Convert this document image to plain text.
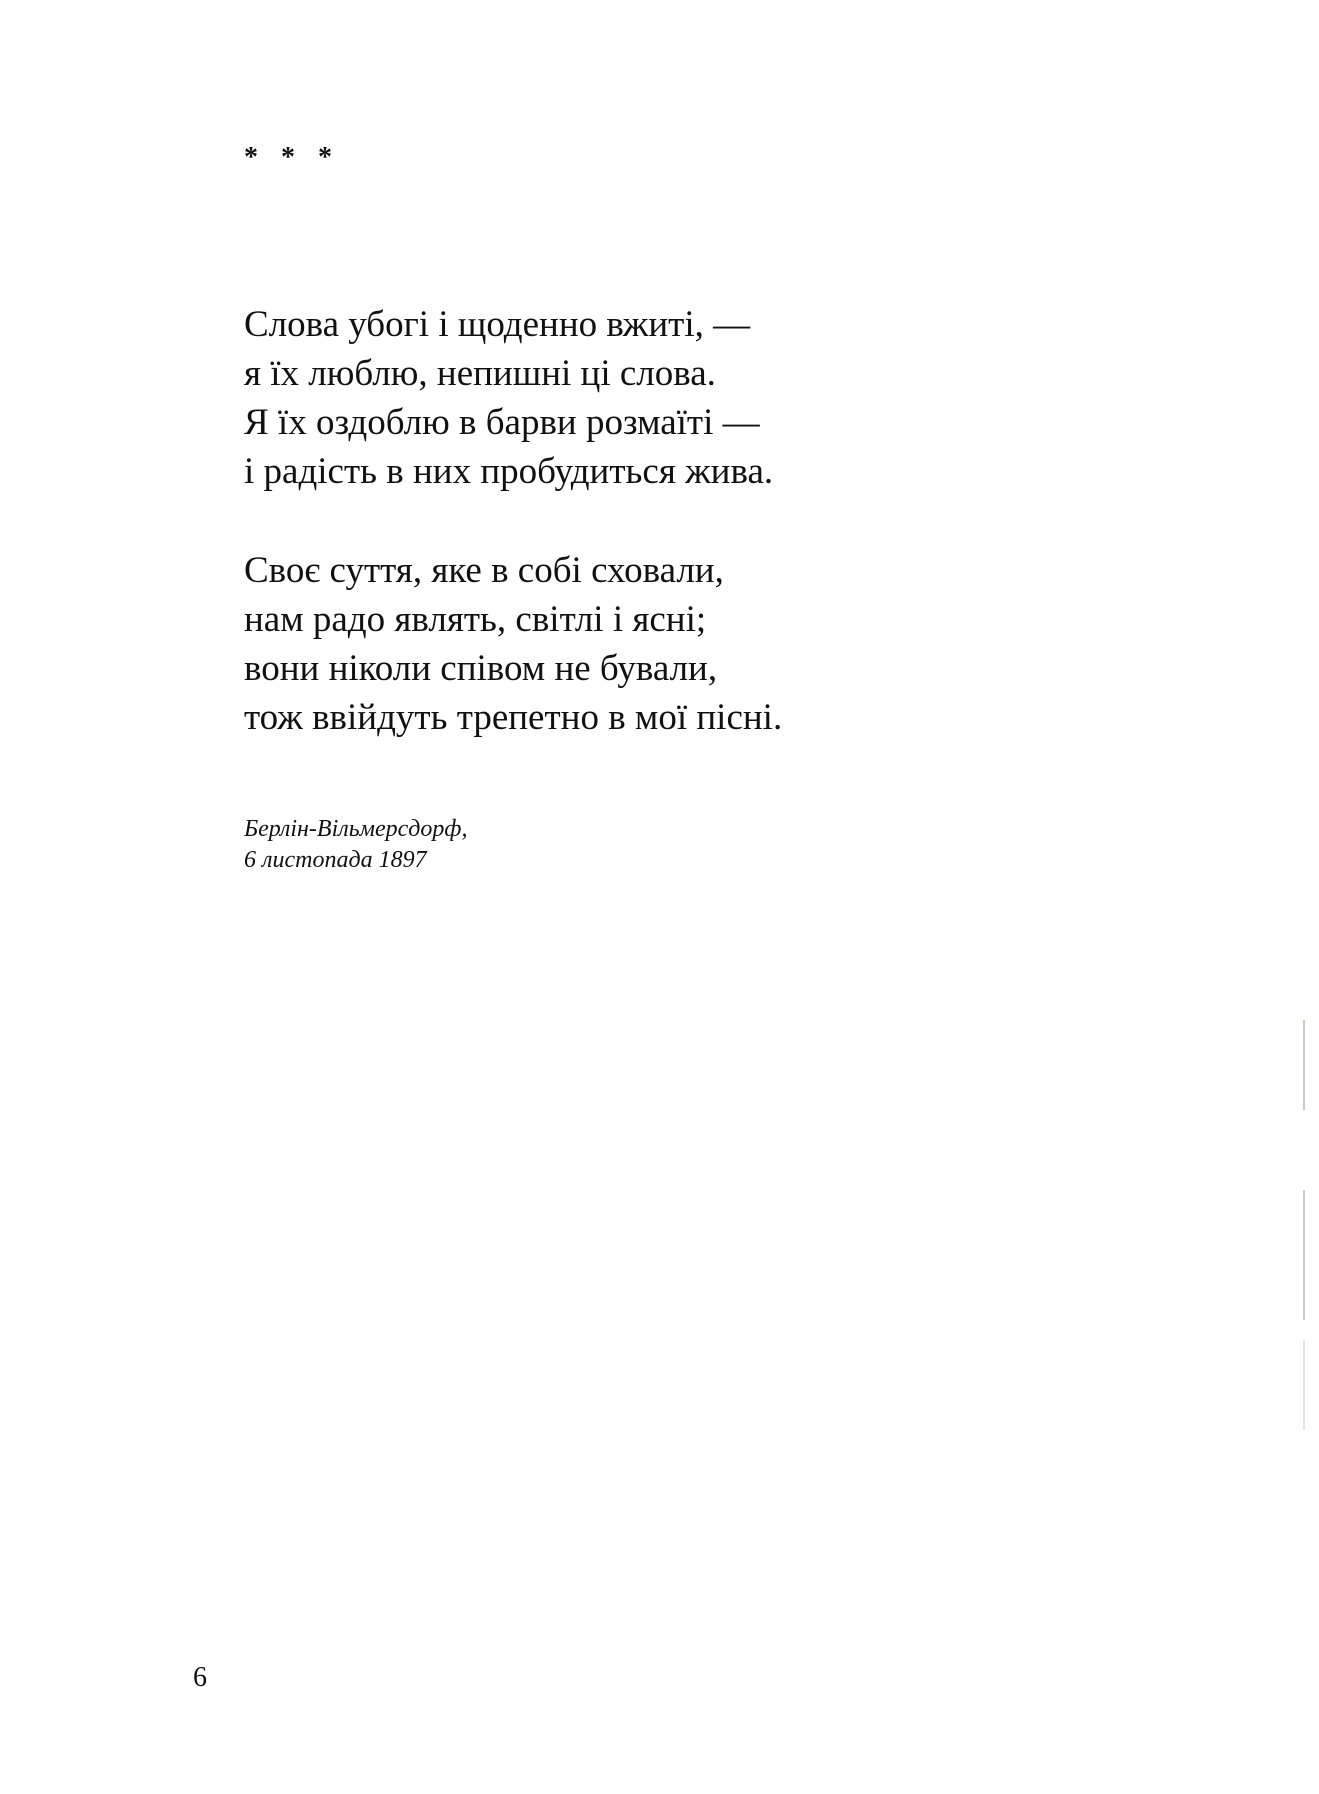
* * *
Слова убогі і щоденно вжиті, —
я їх люблю, непишні ці слова.
Я їх оздоблю в барви розмаїті —
і радість в них пробудиться жива.
Своє суття, яке в собі сховали,
нам радо являть, світлі і ясні;
вони ніколи співом не бували,
тож ввійдуть трепетно в мої пісні.
Берлін-Вільмерсдорф,
6 листопада 1897
6
